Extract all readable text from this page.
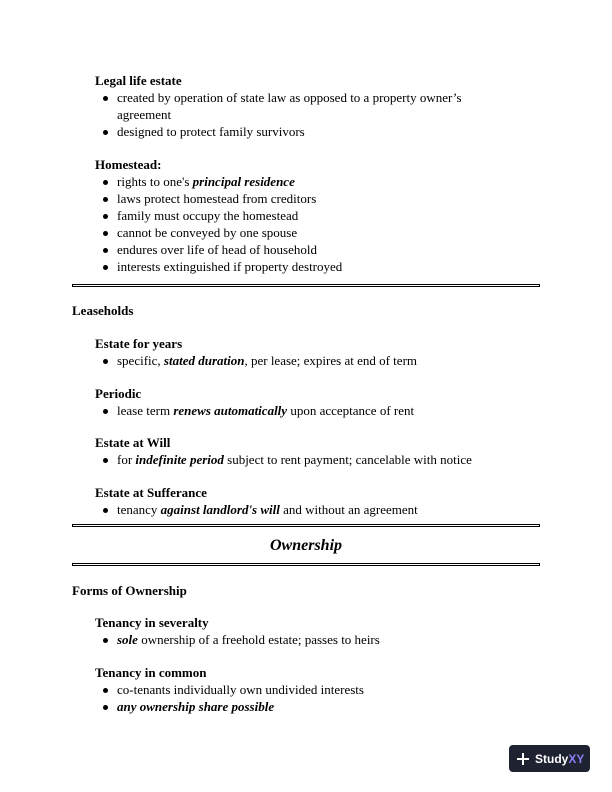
Legal life estate
created by operation of state law as opposed to a property owner’s
agreement
designed to protect family survivors
Homestead:
rights to one's principal residence
laws protect homestead from creditors
family must occupy the homestead
cannot be conveyed by one spouse
endures over life of head of household
interests extinguished if property destroyed
Leaseholds
Estate for years
specific, stated duration, per lease; expires at end of term
Periodic
lease term renews automatically upon acceptance of rent
Estate at Will
for indefinite period subject to rent payment; cancelable with notice
Estate at Sufferance
tenancy against landlord's will and without an agreement
Ownership
Forms of Ownership
Tenancy in severalty
sole ownership of a freehold estate; passes to heirs
Tenancy in common
co-tenants individually own undivided interests
any ownership share possible
Study XY
